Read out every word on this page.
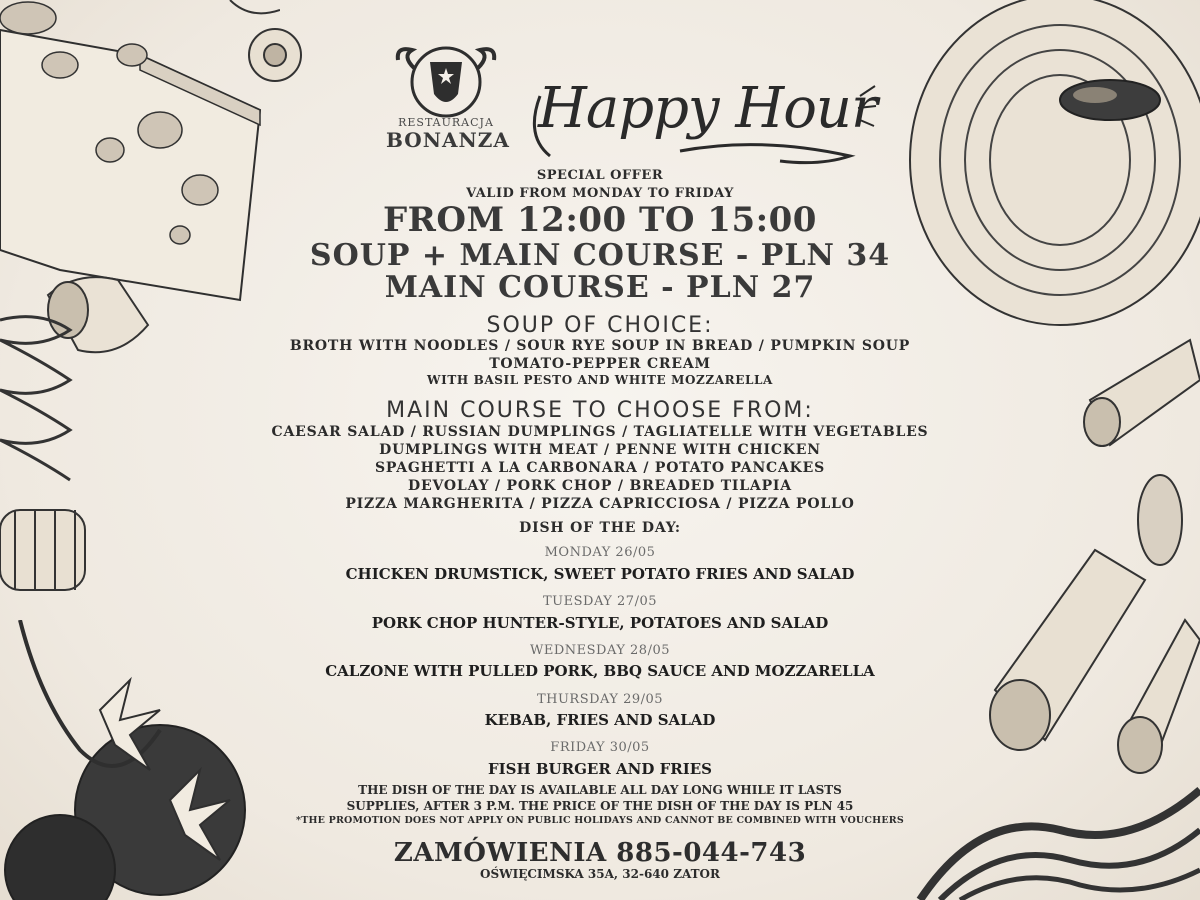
RESTAURACJA
BONANZA Happy Hour
SPECIAL OFFER
VALID FROM MONDAY TO FRIDAY
FROM 12:00 TO 15:00
SOUP + MAIN COURSE - PLN 34
MAIN COURSE - PLN 27
SOUP OF CHOICE:
BROTH WITH NOODLES / SOUR RYE SOUP IN BREAD / PUMPKIN SOUP
TOMATO-PEPPER CREAM
WITH BASIL PESTO AND WHITE MOZZARELLA
MAIN COURSE TO CHOOSE FROM:
CAESAR SALAD / RUSSIAN DUMPLINGS / TAGLIATELLE WITH VEGETABLES
DUMPLINGS WITH MEAT / PENNE WITH CHICKEN
SPAGHETTI A LA CARBONARA / POTATO PANCAKES
DEVOLAY / PORK CHOP / BREADED TILAPIA
PIZZA MARGHERITA / PIZZA CAPRICCIOSA / PIZZA POLLO
DISH OF THE DAY:
MONDAY 26/05
CHICKEN DRUMSTICK, SWEET POTATO FRIES AND SALAD
TUESDAY 27/05
PORK CHOP HUNTER-STYLE, POTATOES AND SALAD
WEDNESDAY 28/05
CALZONE WITH PULLED PORK, BBQ SAUCE AND MOZZARELLA
THURSDAY 29/05
KEBAB, FRIES AND SALAD
FRIDAY 30/05
FISH BURGER AND FRIES
THE DISH OF THE DAY IS AVAILABLE ALL DAY LONG WHILE IT LASTS
SUPPLIES, AFTER 3 P.M. THE PRICE OF THE DISH OF THE DAY IS PLN 45
*THE PROMOTION DOES NOT APPLY ON PUBLIC HOLIDAYS AND CANNOT BE COMBINED WITH VOUCHERS
ZAMÓWIENIA 885-044-743
OŚWIĘCIMSKA 35A, 32-640 ZATOR
